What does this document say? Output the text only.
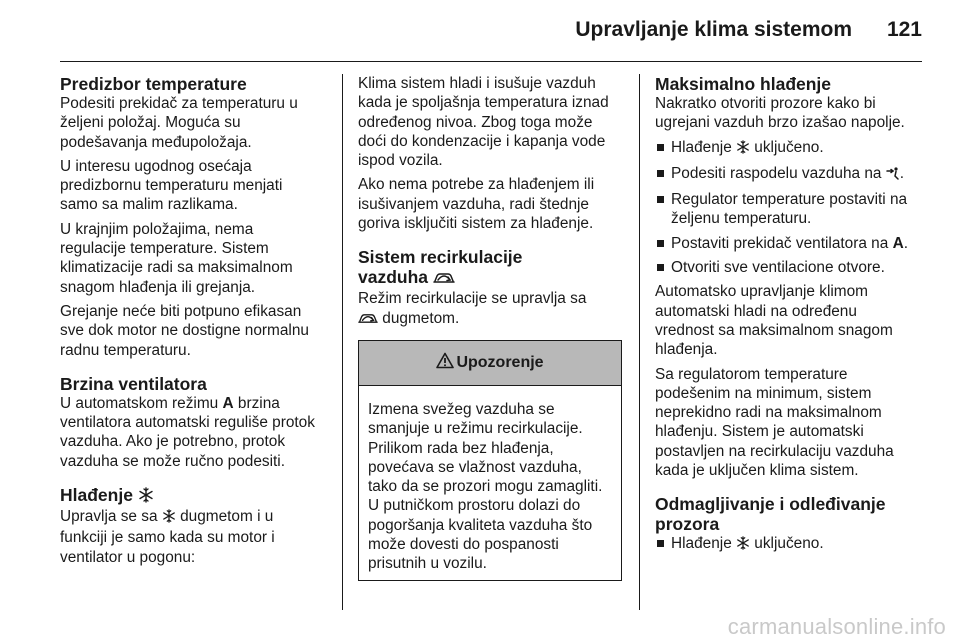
Upravljanje klima sistemom 121
Predizbor temperature

Podesiti prekidač za temperaturu u
željeni položaj. Moguća su
podešavanja međupoložaja.

U interesu ugodnog osećaja
predizbornu temperaturu menjati
samo sa malim razlikama.

U krajnjim položajima, nema
regulacije temperature. Sistem
klimatizacije radi sa maksimalnom
snagom hlađenja ili grejanja.

Grejanje neće biti potpuno efikasan
sve dok motor ne dostigne normalnu
radnu temperaturu.

Brzina ventilatora

U automatskom režimu A brzina
ventilatora automatski reguliše protok
vazduha. Ako je potrebno, protok
vazduha se može ručno podesiti.

Hlađenje

Upravlja se sa  dugmetom i u
funkciji je samo kada su motor i
ventilator u pogonu:

Klima sistem hladi i isušuje vazduh
kada je spoljašnja temperatura iznad
određenog nivoa. Zbog toga može
doći do kondenzacije i kapanja vode
ispod vozila.

Ako nema potrebe za hlađenjem ili
isušivanjem vazduha, radi štednje
goriva isključiti sistem za hlađenje.

Sistem recirkulacije
vazduha

Režim recirkulacije se upravlja sa
dugmetom.

Upozorenje
Izmena svežeg vazduha se
smanjuje u režimu recirkulacije.
Prilikom rada bez hlađenja,
povećava se vlažnost vazduha,
tako da se prozori mogu zamagliti.
U putničkom prostoru dolazi do
pogoršanja kvaliteta vazduha što
može dovesti do pospanosti
prisutnih u vozilu.
Maksimalno hlađenje

Nakratko otvoriti prozore kako bi
ugrejani vazduh brzo izašao napolje.

Hlađenje  uključeno.
Podesiti raspodelu vazduha na .
Regulator temperature postaviti na
željenu temperaturu.
Postaviti prekidač ventilatora na A.
Otvoriti sve ventilacione otvore.

Automatsko upravljanje klimom
automatski hladi na određenu
vrednost sa maksimalnom snagom
hlađenja.

Sa regulatorom temperature
podešenim na minimum, sistem
neprekidno radi na maksimalnom
hlađenju. Sistem je automatski
postavljen na recirkulaciju vazduha
kada je uključen klima sistem.

Odmagljivanje i odleđivanje
prozora
Hlađenje  uključeno.
carmanualsonline.info
